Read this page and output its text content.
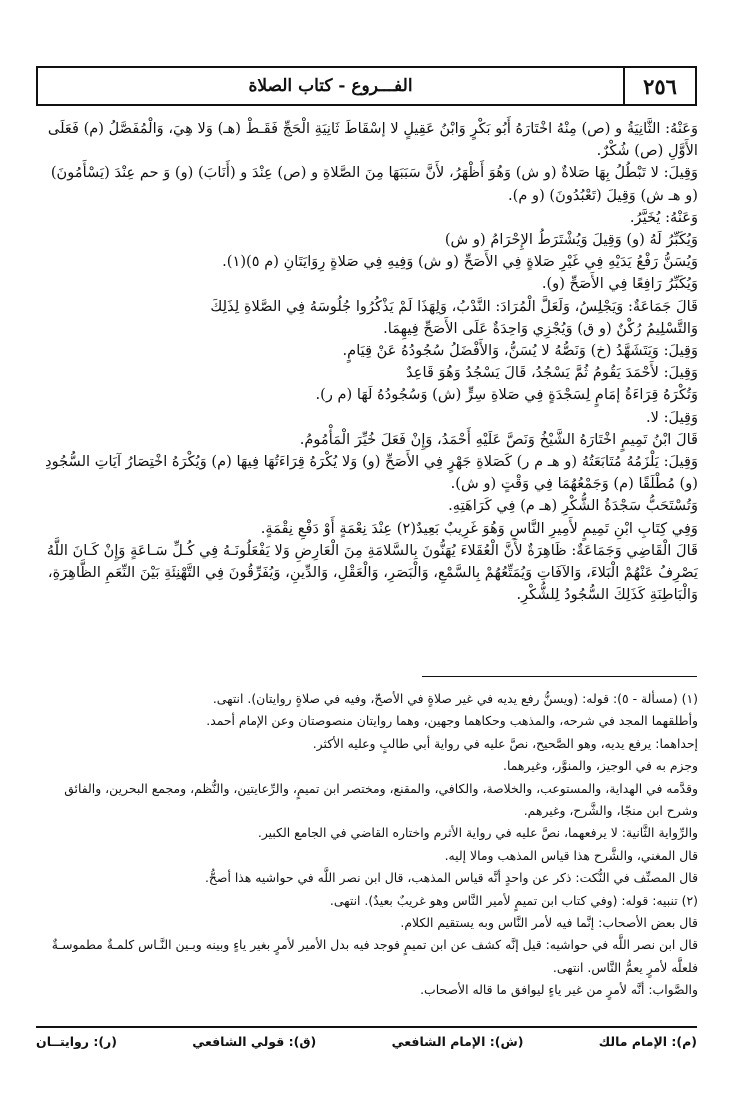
٢٥٦
الفـــروع - كتاب الصلاة

وَعَنْهُ: الثَّانِيَةُ و (ص) مِنْهُ اخْتَارَهُ أَبُو بَكْرٍ وَابْنُ عَقِيلٍ لا إسْقَاطَ ثَانِيَةِ الْحَجِّ فَقَـطْ (هـ) وَلا هِيَ، وَالْمُفَصَّلُ (م) فَعَلَى

الأَوَّلِ (ص) شُكْرٌ.

وَقِيلَ: لا تَبْطُلُ بِهَا صَلاةٌ (و ش) وَهُوَ أَظْهَرُ، لأَنَّ سَبَبَهَا مِنَ الصَّلاةِ و (ص) عِنْدَ و (أَنَابَ) (و) وَ حم عِنْدَ (يَسْأَمُونَ)

(و هـ ش) وَقِيلَ (تَعْبُدُونَ) (و م).

وَعَنْهُ: يُخَيَّرُ.

وَيُكَبِّرُ لَهُ (و) وَقِيلَ وَيُشْتَرَطُ الإِحْرَامُ (و ش)

وَيُسَنُّ رَفْعُ يَدَيْهِ فِي غَيْرِ صَلاةٍ فِي الأَصَحِّ (و ش) وَفِيهِ فِي صَلاةٍ رِوَايَتَانِ (م ٥)(١).

وَيُكَبِّرُ رَافِعًا فِي الأَصَحِّ (و).

قَالَ جَمَاعَةٌ: وَيَجْلِسُ، وَلَعَلَّ الْمُرَادَ: النَّدْبُ، وَلِهَذَا لَمْ يَذْكُرُوا جُلُوسَهُ فِي الصَّلاةِ لِذَلِكَ

وَالتَّسْلِيمُ رُكْنٌ (و ق) وَيُجْزِي وَاحِدَةٌ عَلَى الأَصَحِّ فِيهِمَا.

وَقِيلَ: وَيَتَشَهَّدُ (خ) وَنَصُّهُ لا يُسَنُّ، وَالأَفْضَلُ سُجُودُهُ عَنْ قِيَامٍ.

وَقِيلَ: لأَحْمَدَ يَقُومُ ثُمَّ يَسْجُدُ، قَالَ يَسْجُدُ وَهُوَ قَاعِدٌ

وَتُكْرَهُ قِرَاءَةُ إمَامٍ لِسَجْدَةٍ فِي صَلاةِ سِرٍّ (ش) وَسُجُودُهُ لَهَا (م ر).

وَقِيلَ: لا.

قَالَ ابْنُ تَمِيمٍ اخْتَارَهُ الشَّيْخُ وَنَصَّ عَلَيْهِ أَحْمَدُ، وَإِنْ فَعَلَ خُيِّرَ الْمَأْمُومُ.

وَقِيلَ: يَلْزَمُهُ مُتَابَعَتُهُ (و هـ م ر) كَصَلاةِ جَهْرٍ فِي الأَصَحِّ (و) وَلا يُكْرَهُ قِرَاءَتُهَا فِيهَا (م) وَيُكْرَهُ اخْتِصَارُ آيَاتِ السُّجُودِ

(و) مُطْلَقًا (م) وَجَمْعُهُمَا فِي وَقْتٍ (و ش).

وَتُسْتَحَبُّ سَجْدَةُ الشُّكْرِ (هـ م) فِي كَرَاهَتِهِ.

وَفِي كِتَابِ ابْنِ تَمِيمٍ لأَمِيرِ النَّاسِ وَهُوَ غَرِيبٌ بَعِيدٌ(٢) عِنْدَ نِعْمَةٍ أَوْ دَفْعِ نِقْمَةٍ.

قَالَ الْقَاضِي وَجَمَاعَةٌ: ظَاهِرَةٌ لأَنَّ الْعُقَلاءَ يُهَنُّونَ بِالسَّلامَةِ مِنَ الْعَارِضِ وَلا يَفْعَلُونَـهُ فِي كُـلِّ سَـاعَةٍ وَإِنْ كَـانَ اللَّهُ

يَصْرِفُ عَنْهُمْ الْبَلاءَ، وَالآفَاتِ وَيُمَتِّعُهُمْ بِالسَّمْعِ، وَالْبَصَرِ، وَالْعَقْلِ، وَالدِّينِ، وَيُفَرِّقُونَ فِي التَّهْنِئَةِ بَيْنَ النِّعَمِ الظَّاهِرَةِ،

وَالْبَاطِنَةِ كَذَلِكَ السُّجُودُ لِلشُّكْرِ.

(١) (مسألة - ٥): قوله: (ويسنُّ رفع يديه في غير صلاةٍ في الأصحّ، وفيه في صلاةٍ روايتان). انتهى.

وأطلقهما المجد في شرحه، والمذهب وحكاهما وجهين، وهما روايتان منصوصتان وعن الإمام أحمد.

إحداهما: يرفع يديه، وهو الصَّحيح، نصَّ عليه في رواية أبي طالبٍ وعليه الأكثر.

وجزم به في الوجيز، والمنوَّر، وغيرهما.

وقدَّمه في الهداية، والمستوعب، والخلاصة، والكافي، والمقنع، ومختصر ابن تميمٍ، والرِّعايتين، والنُّظم، ومجمع البحرين، والفائق

وشرح ابن منجّا، والشَّرح، وغيرهم.

والرِّواية الثَّانية: لا يرفعهما، نصَّ عليه في رواية الأثرم واختاره القاضي في الجامع الكبير.

قال المغني، والشَّرح هذا قياس المذهب ومالا إليه.

قال المصنِّف في النُّكت: ذكر عن واحدٍ أنَّه قياس المذهب، قال ابن نصر اللَّه في حواشيه هذا أصحُّ.

(٢) تنبيه: قوله: (وفي كتاب ابن تميمٍ لأمير النَّاس وهو غريبٌ بعيدٌ). انتهى.

قال بعض الأصحاب: إنَّما فيه لأمر النَّاس وبه يستقيم الكلام.

قال ابن نصر اللَّه في حواشيه: قيل إنَّه كشف عن ابن تميمٍ فوجد فيه بدل الأمير لأمرٍ بغير ياءٍ وبينه وبـين النَّـاس كلمـةٌ مطموسـةٌ

فلعلَّه لأمرٍ يعمُّ النَّاس. انتهى.

والصَّواب: أنَّه لأمرٍ من غير ياءٍ ليوافق ما قاله الأصحاب.

(م): الإمام مالك
(ش): الإمام الشافعي
(ق): قولي الشافعي
(ر): روايتــان
